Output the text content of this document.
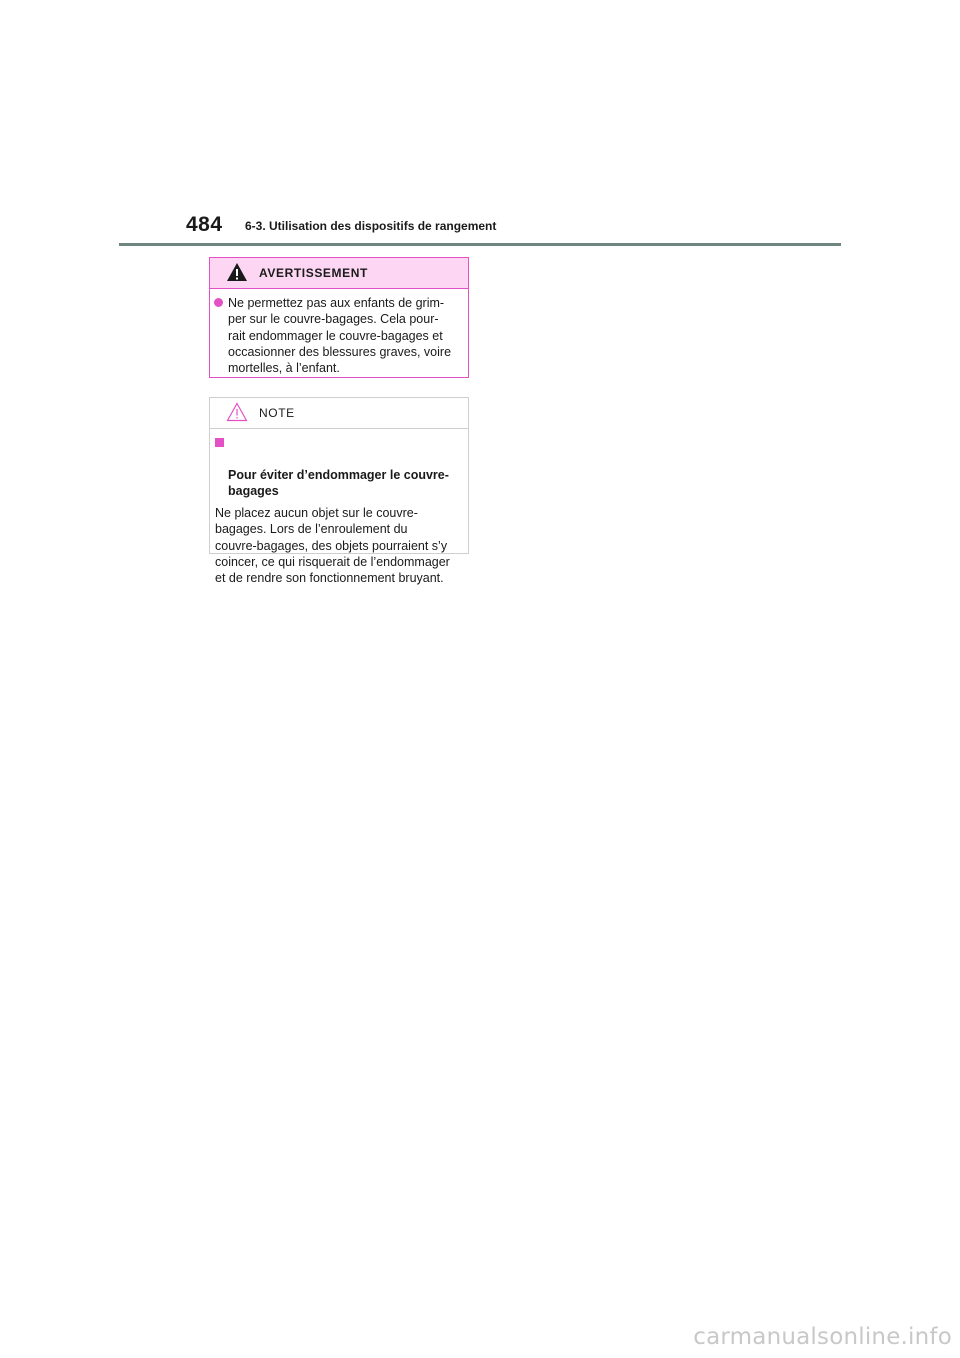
484 6-3. Utilisation des dispositifs de rangement
AVERTISSEMENT
Ne permettez pas aux enfants de grim-
per sur le couvre-bagages. Cela pour-
rait endommager le couvre-bagages et
occasionner des blessures graves, voire
mortelles, à l’enfant.
NOTE

Pour éviter d’endommager le couvre-
bagages

Ne placez aucun objet sur le couvre-
bagages. Lors de l’enroulement du
couvre-bagages, des objets pourraient s’y
coincer, ce qui risquerait de l’endommager
et de rendre son fonctionnement bruyant.
carmanualsonline.info
